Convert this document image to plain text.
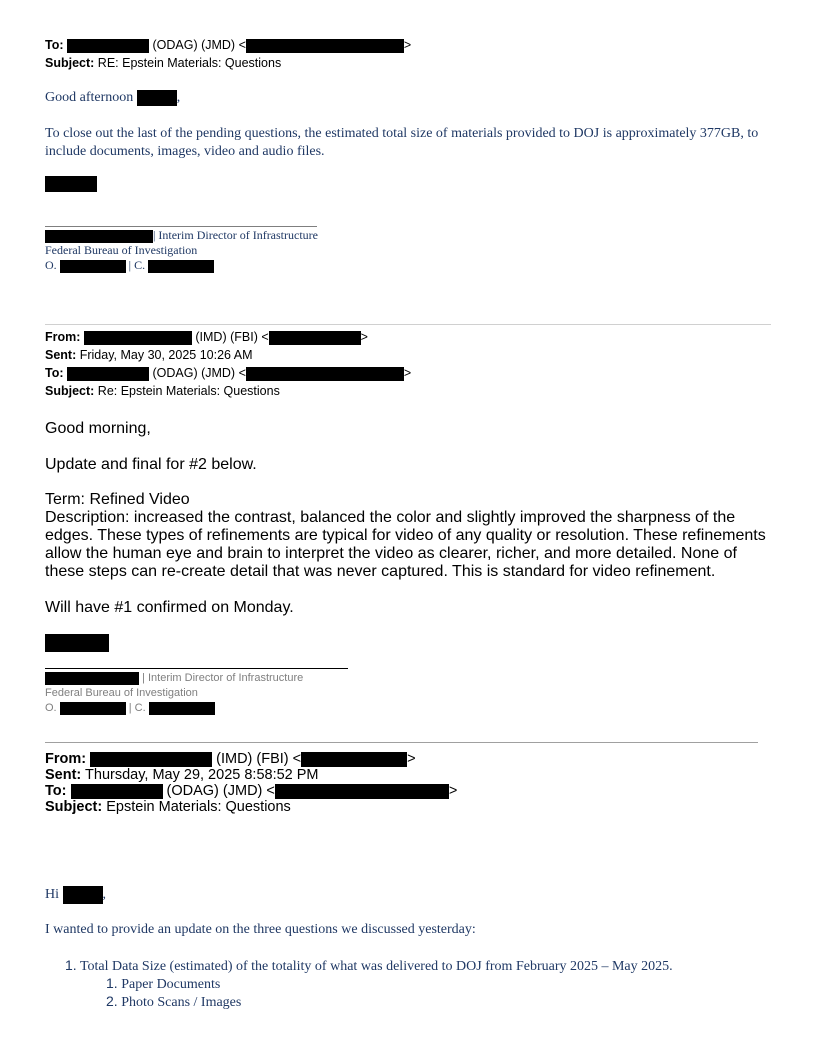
To:	(ODAG) (JMD) <	>
Subject: RE: Epstein Materials: Questions
Good afternoon	,
To close out the last of the pending questions, the estimated total size of materials provided to DOJ is approximately 377GB, to include documents, images, video and audio files.
| Interim Director of Infrastructure
Federal Bureau of Investigation
O.	| C.
From:	(IMD) (FBI) <	>
Sent: Friday, May 30, 2025 10:26 AM
To:	(ODAG) (JMD) <	>
Subject: Re: Epstein Materials: Questions
Good morning,
Update and final for #2 below.
Term: Refined Video
Description: increased the contrast, balanced the color and slightly improved the sharpness of the edges. These types of refinements are typical for video of any quality or resolution. These refinements allow the human eye and brain to interpret the video as clearer, richer, and more detailed. None of these steps can re-create detail that was never captured. This is standard for video refinement.
Will have #1 confirmed on Monday.
| Interim Director of Infrastructure
Federal Bureau of Investigation
O.	| C.
From:	(IMD) (FBI) <	>
Sent: Thursday, May 29, 2025 8:58:52 PM
To:	(ODAG) (JMD) <	>
Subject: Epstein Materials: Questions
Hi	,
I wanted to provide an update on the three questions we discussed yesterday:
1. Total Data Size (estimated) of the totality of what was delivered to DOJ from February 2025 – May 2025.
1. Paper Documents
2. Photo Scans / Images
